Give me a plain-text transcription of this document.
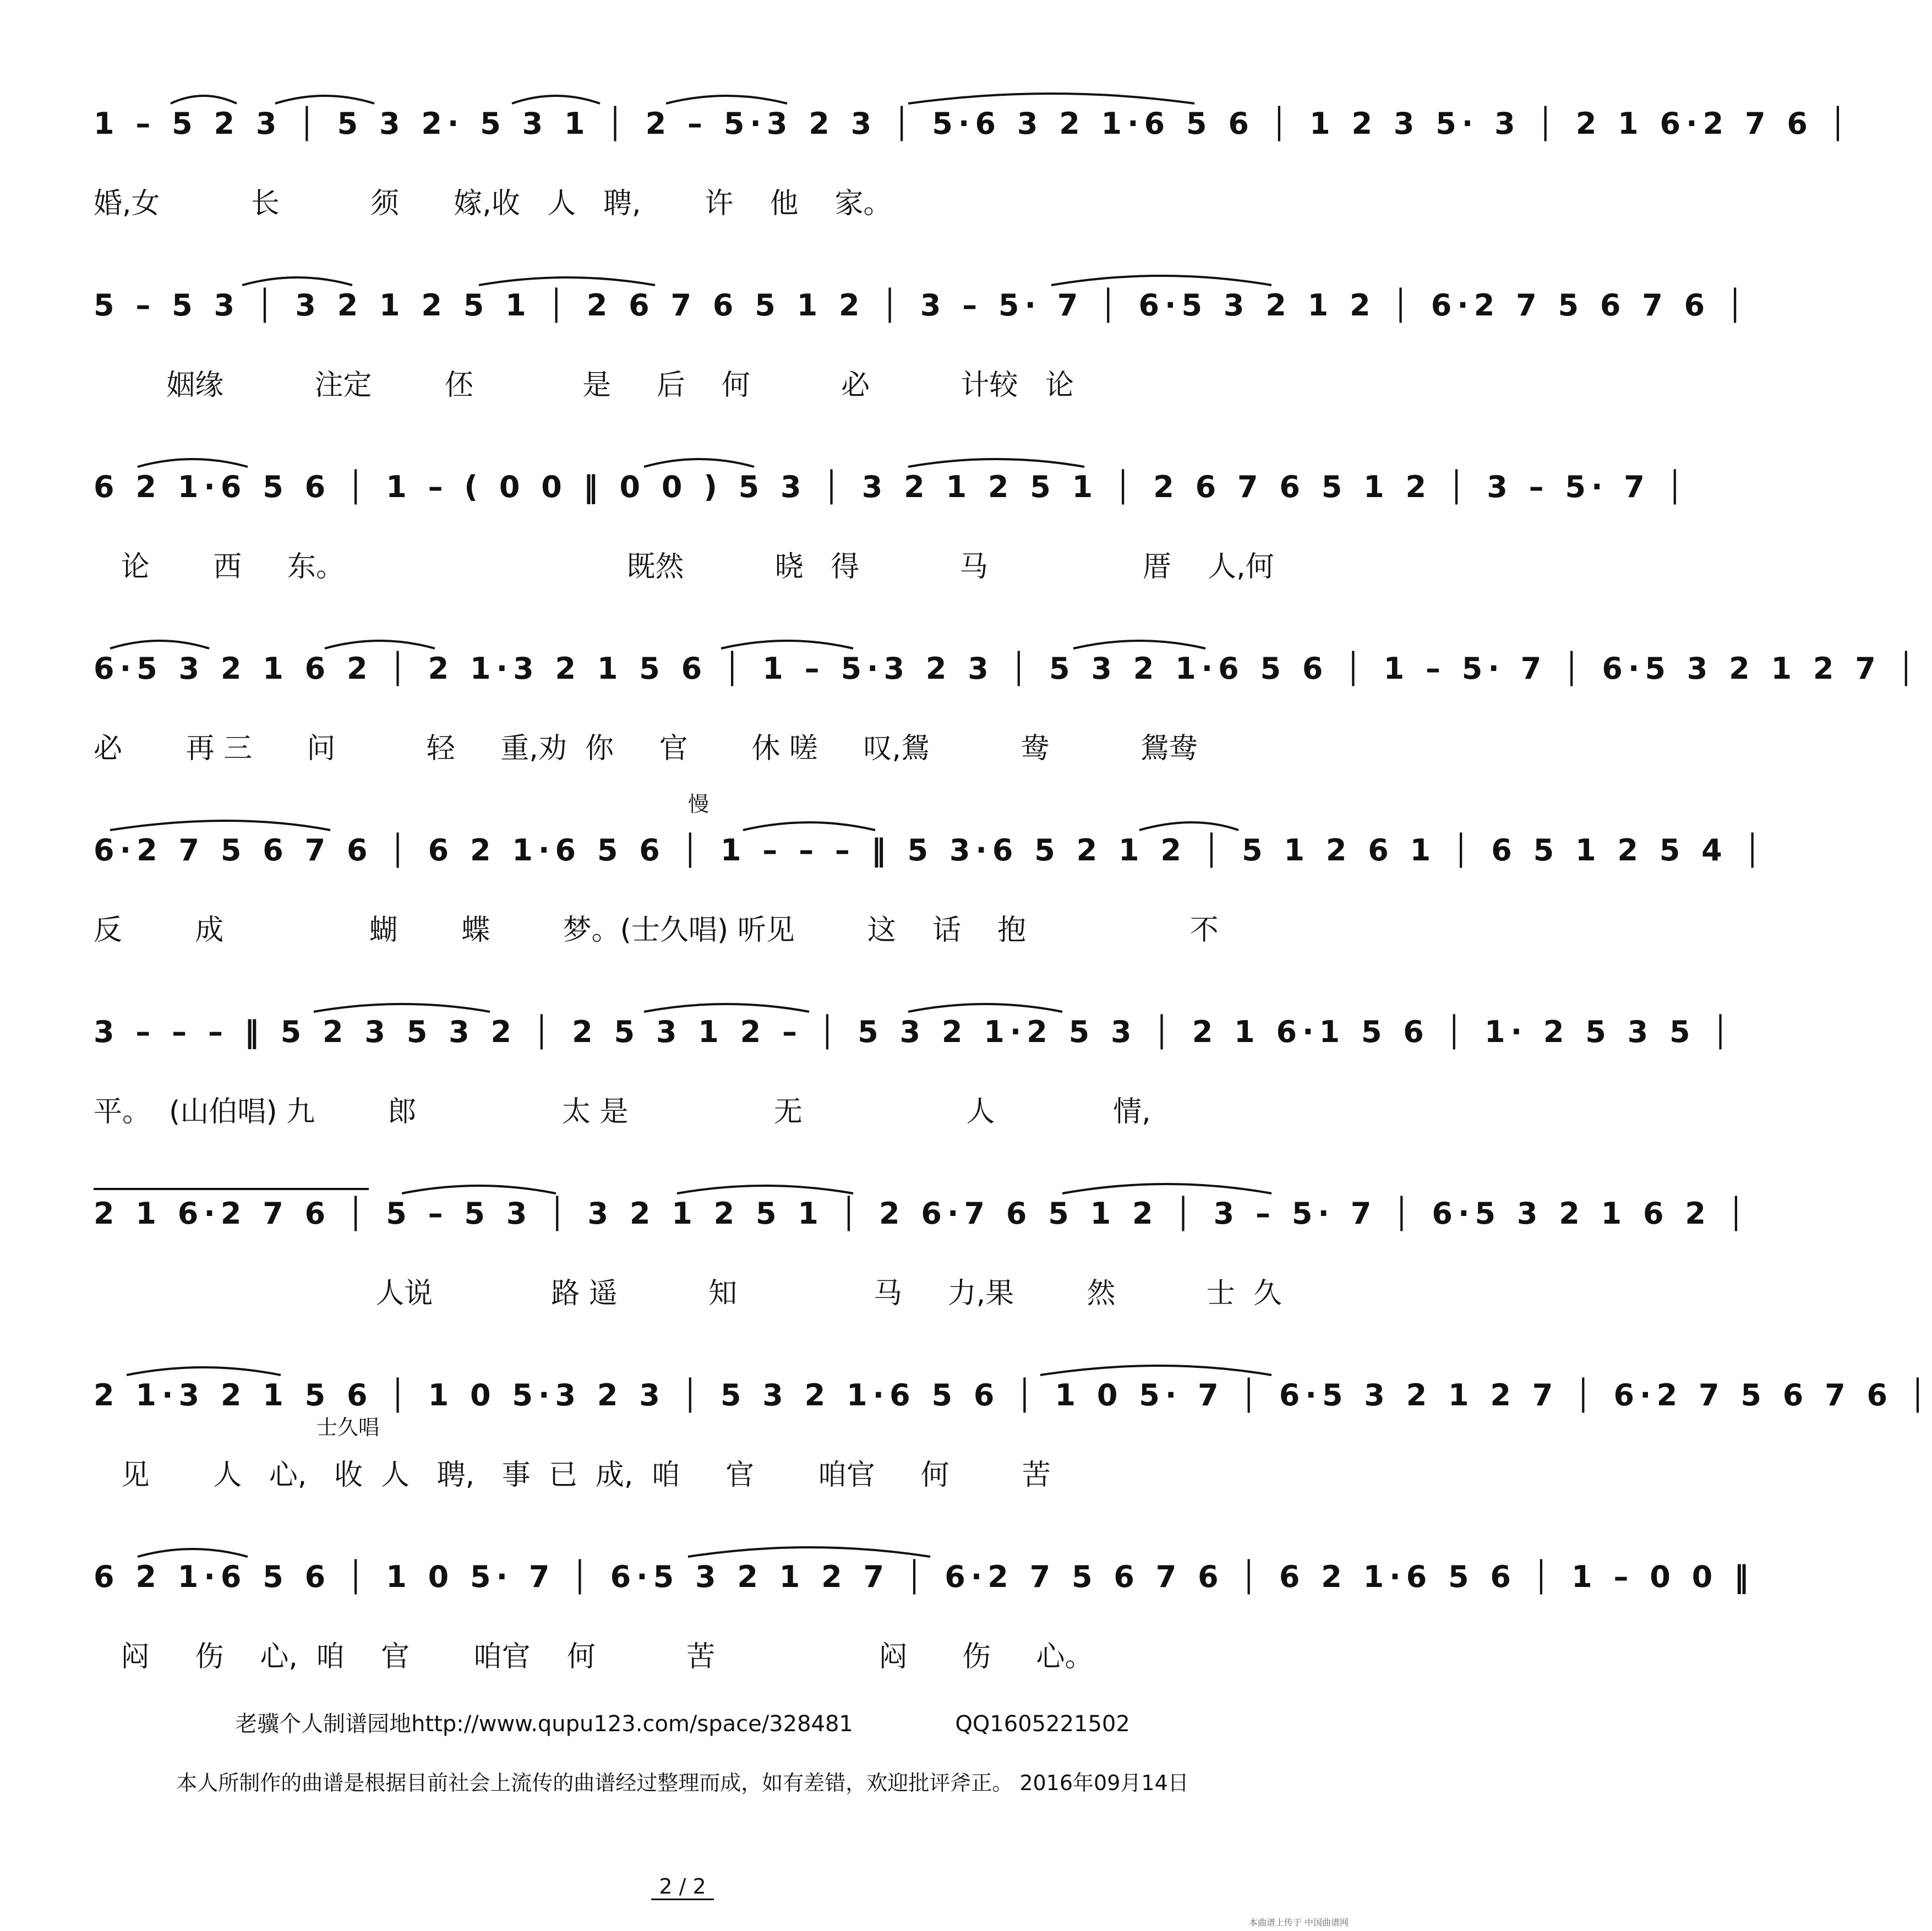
1 – 5 2 3 │ 5 3 2· 5 3 1 │ 2 – 5·3 2 3 │ 5·6 3 2 1·6 5 6 │ 1 2 3 5· 3 │ 2 1 6·2 7 6 │
婚,女          长          须      嫁,收   人   聘,       许    他    家。
5 – 5 3 │ 3 2 1 2 5 1 │ 2 6 7 6 5 1 2 │ 3 – 5· 7 │ 6·5 3 2 1 2 │ 6·2 7 5 6 7 6 │
姻缘          注定        伾            是     后    何          必          计较   论
6 2 1·6 5 6 │ 1 – ( 0 0 ‖ 0 0 ) 5 3 │ 3 2 1 2 5 1 │ 2 6 7 6 5 1 2 │ 3 – 5· 7 │
论       西     东。                               既然          晓   得           马                 厝    人,何
6·5 3 2 1 6 2 │ 2 1·3 2 1 5 6 │ 1 – 5·3 2 3 │ 5 3 2 1·6 5 6 │ 1 – 5· 7 │ 6·5 3 2 1 2 7 │
必       再 三      问          轻     重,劝  你     官       休 嗟     叹,鴛          鸯          鴛鸯
慢
6·2 7 5 6 7 6 │ 6 2 1·6 5 6 │ 1 – – – ‖ 5 3·6 5 2 1 2 │ 5 1 2 6 1 │ 6 5 1 2 5 4 │
反        成                蝴       蝶        梦。(士久唱) 听见        这    话    抱                  不
3 – – – ‖ 5 2 3 5 3 2 │ 2 5 3 1 2 – │ 5 3 2 1·2 5 3 │ 2 1 6·1 5 6 │ 1· 2 5 3 5 │
平。  (山伯唱) 九        郎                太 是                无                  人             情,
2 1 6·2 7 6 │ 5 – 5 3 │ 3 2 1 2 5 1 │ 2 6·7 6 5 1 2 │ 3 – 5· 7 │ 6·5 3 2 1 6 2 │
人说             路 遥          知               马     力,果        然          士  久
士久唱
2 1·3 2 1 5 6 │ 1 0 5·3 2 3 │ 5 3 2 1·6 5 6 │ 1 0 5· 7 │ 6·5 3 2 1 2 7 │ 6·2 7 5 6 7 6 │
见       人   心,   收  人   聘,   事  已  成,  咱     官       咱官     何        苦
6 2 1·6 5 6 │ 1 0 5· 7 │ 6·5 3 2 1 2 7 │ 6·2 7 5 6 7 6 │ 6 2 1·6 5 6 │ 1 – 0 0 ‖
闷     伤    心,  咱    官       咱官    何          苦                  闷      伤     心。
老骥个人制谱园地http://www.qupu123.com/space/328481	QQ1605221502
本人所制作的曲谱是根据目前社会上流传的曲谱经过整理而成，如有差错，欢迎批评斧正。 2016年09月14日
2 / 2
本曲谱上传于 中国曲谱网
